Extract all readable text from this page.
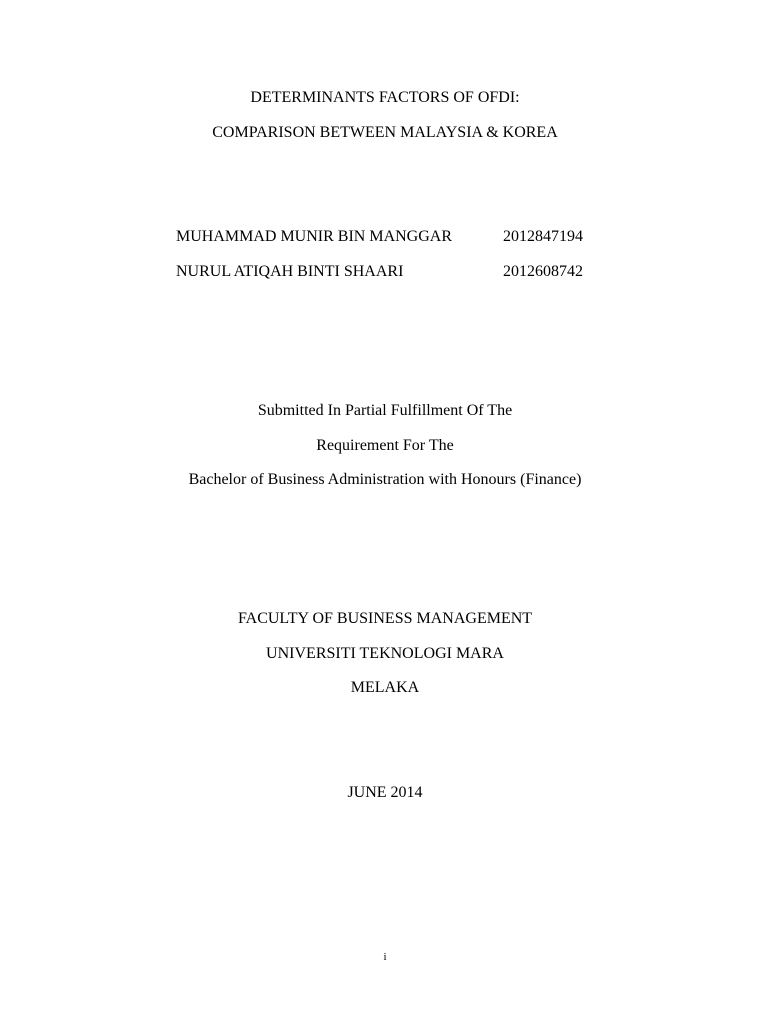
DETERMINANTS FACTORS OF OFDI:
COMPARISON BETWEEN MALAYSIA & KOREA
MUHAMMAD MUNIR BIN MANGGAR	2012847194
NURUL ATIQAH BINTI SHAARI	2012608742
Submitted In Partial Fulfillment Of The
Requirement For The
Bachelor of Business Administration with Honours (Finance)
FACULTY OF BUSINESS MANAGEMENT
UNIVERSITI TEKNOLOGI MARA
MELAKA
JUNE 2014
i
